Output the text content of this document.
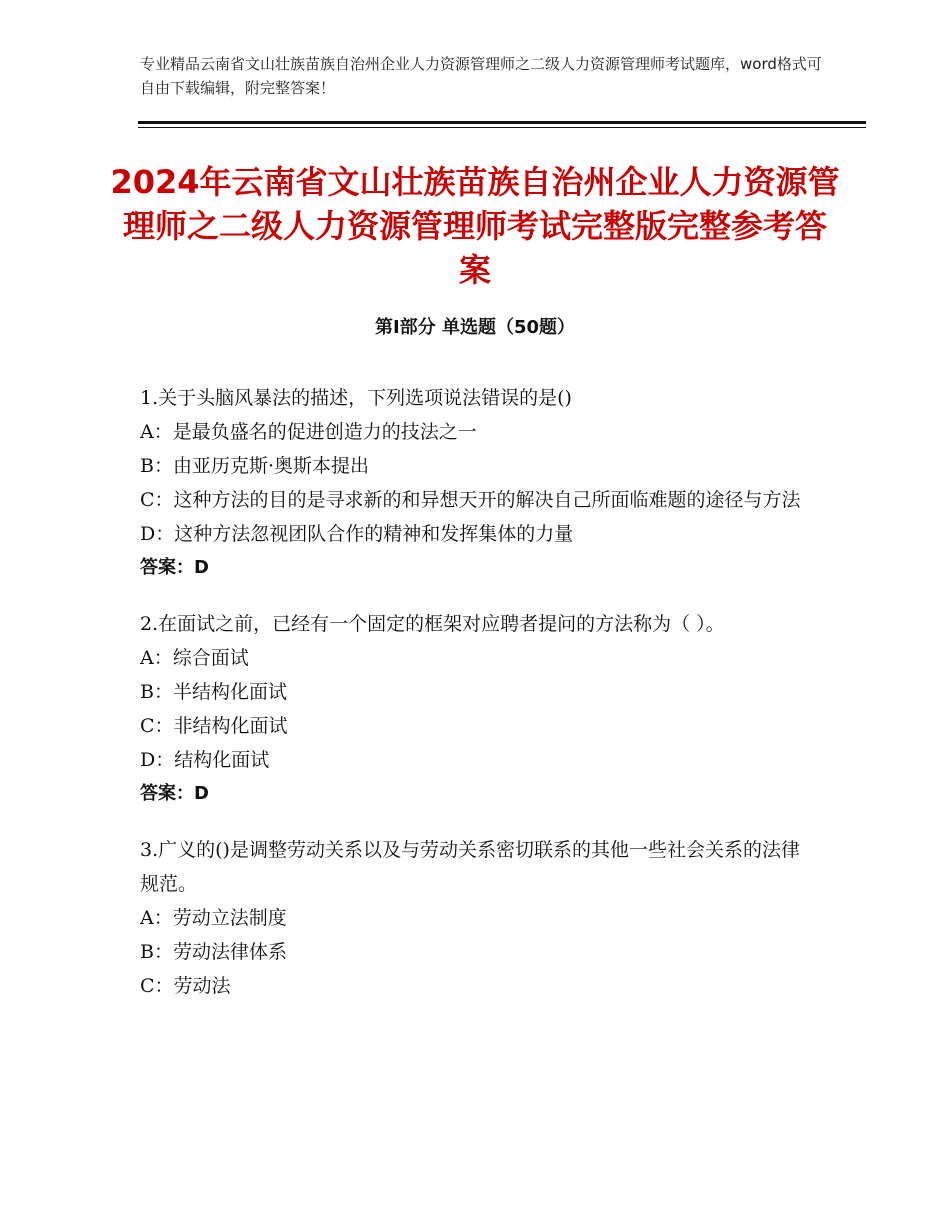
专业精品云南省文山壮族苗族自治州企业人力资源管理师之二级人力资源管理师考试题库，word格式可自由下载编辑，附完整答案！
2024年云南省文山壮族苗族自治州企业人力资源管理师之二级人力资源管理师考试完整版完整参考答案
第Ⅰ部分 单选题（50题）

1.关于头脑风暴法的描述，下列选项说法错误的是()

A：是最负盛名的促进创造力的技法之一

B：由亚历克斯·奥斯本提出

C：这种方法的目的是寻求新的和异想天开的解决自己所面临难题的途径与方法

D：这种方法忽视团队合作的精神和发挥集体的力量

答案：D

2.在面试之前，已经有一个固定的框架对应聘者提问的方法称为（ ）。

A：综合面试

B：半结构化面试

C：非结构化面试

D：结构化面试

答案：D

3.广义的()是调整劳动关系以及与劳动关系密切联系的其他一些社会关系的法律规范。

A：劳动立法制度

B：劳动法律体系

C：劳动法
